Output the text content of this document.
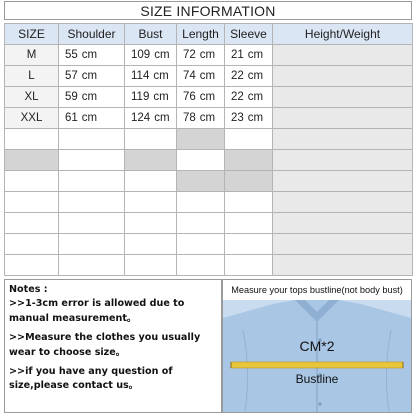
SIZE INFORMATION
SIZE	Shoulder	Bust	Length	Sleeve	Height/Weight
M	55 cm	109 cm	72 cm	21 cm	
L	57 cm	114 cm	74 cm	22 cm	
XL	59 cm	119 cm	76 cm	22 cm	
XXL	61 cm	124 cm	78 cm	23 cm	

Notes :

>>1-3cm error is allowed due to manual measurement。

>>Measure the clothes you usually wear to choose size。

>>if you have any question of size,please contact us。

Measure your tops bustline(not body bust)
CM*2
Bustline
